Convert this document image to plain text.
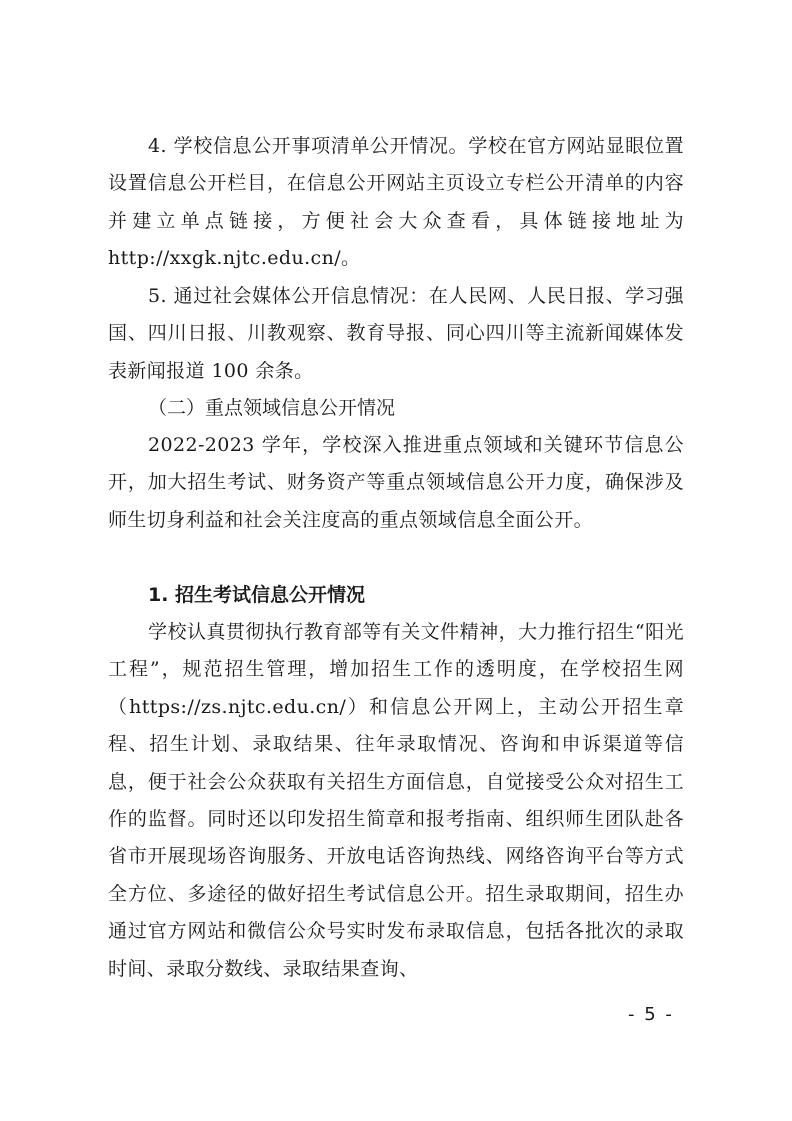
4. 学校信息公开事项清单公开情况。学校在官方网站显眼位置设置信息公开栏目，在信息公开网站主页设立专栏公开清单的内容并建立单点链接，方便社会大众查看，具体链接地址为 http://xxgk.njtc.edu.cn/。

5. 通过社会媒体公开信息情况：在人民网、人民日报、学习强国、四川日报、川教观察、教育导报、同心四川等主流新闻媒体发表新闻报道 100 余条。

（二）重点领域信息公开情况

2022-2023 学年，学校深入推进重点领域和关键环节信息公开，加大招生考试、财务资产等重点领域信息公开力度，确保涉及师生切身利益和社会关注度高的重点领域信息全面公开。

1. 招生考试信息公开情况

学校认真贯彻执行教育部等有关文件精神，大力推行招生“阳光工程”，规范招生管理，增加招生工作的透明度，在学校招生网（https://zs.njtc.edu.cn/）和信息公开网上，主动公开招生章程、招生计划、录取结果、往年录取情况、咨询和申诉渠道等信息，便于社会公众获取有关招生方面信息，自觉接受公众对招生工作的监督。同时还以印发招生简章和报考指南、组织师生团队赴各省市开展现场咨询服务、开放电话咨询热线、网络咨询平台等方式全方位、多途径的做好招生考试信息公开。招生录取期间，招生办通过官方网站和微信公众号实时发布录取信息，包括各批次的录取时间、录取分数线、录取结果查询、

- 5 -
